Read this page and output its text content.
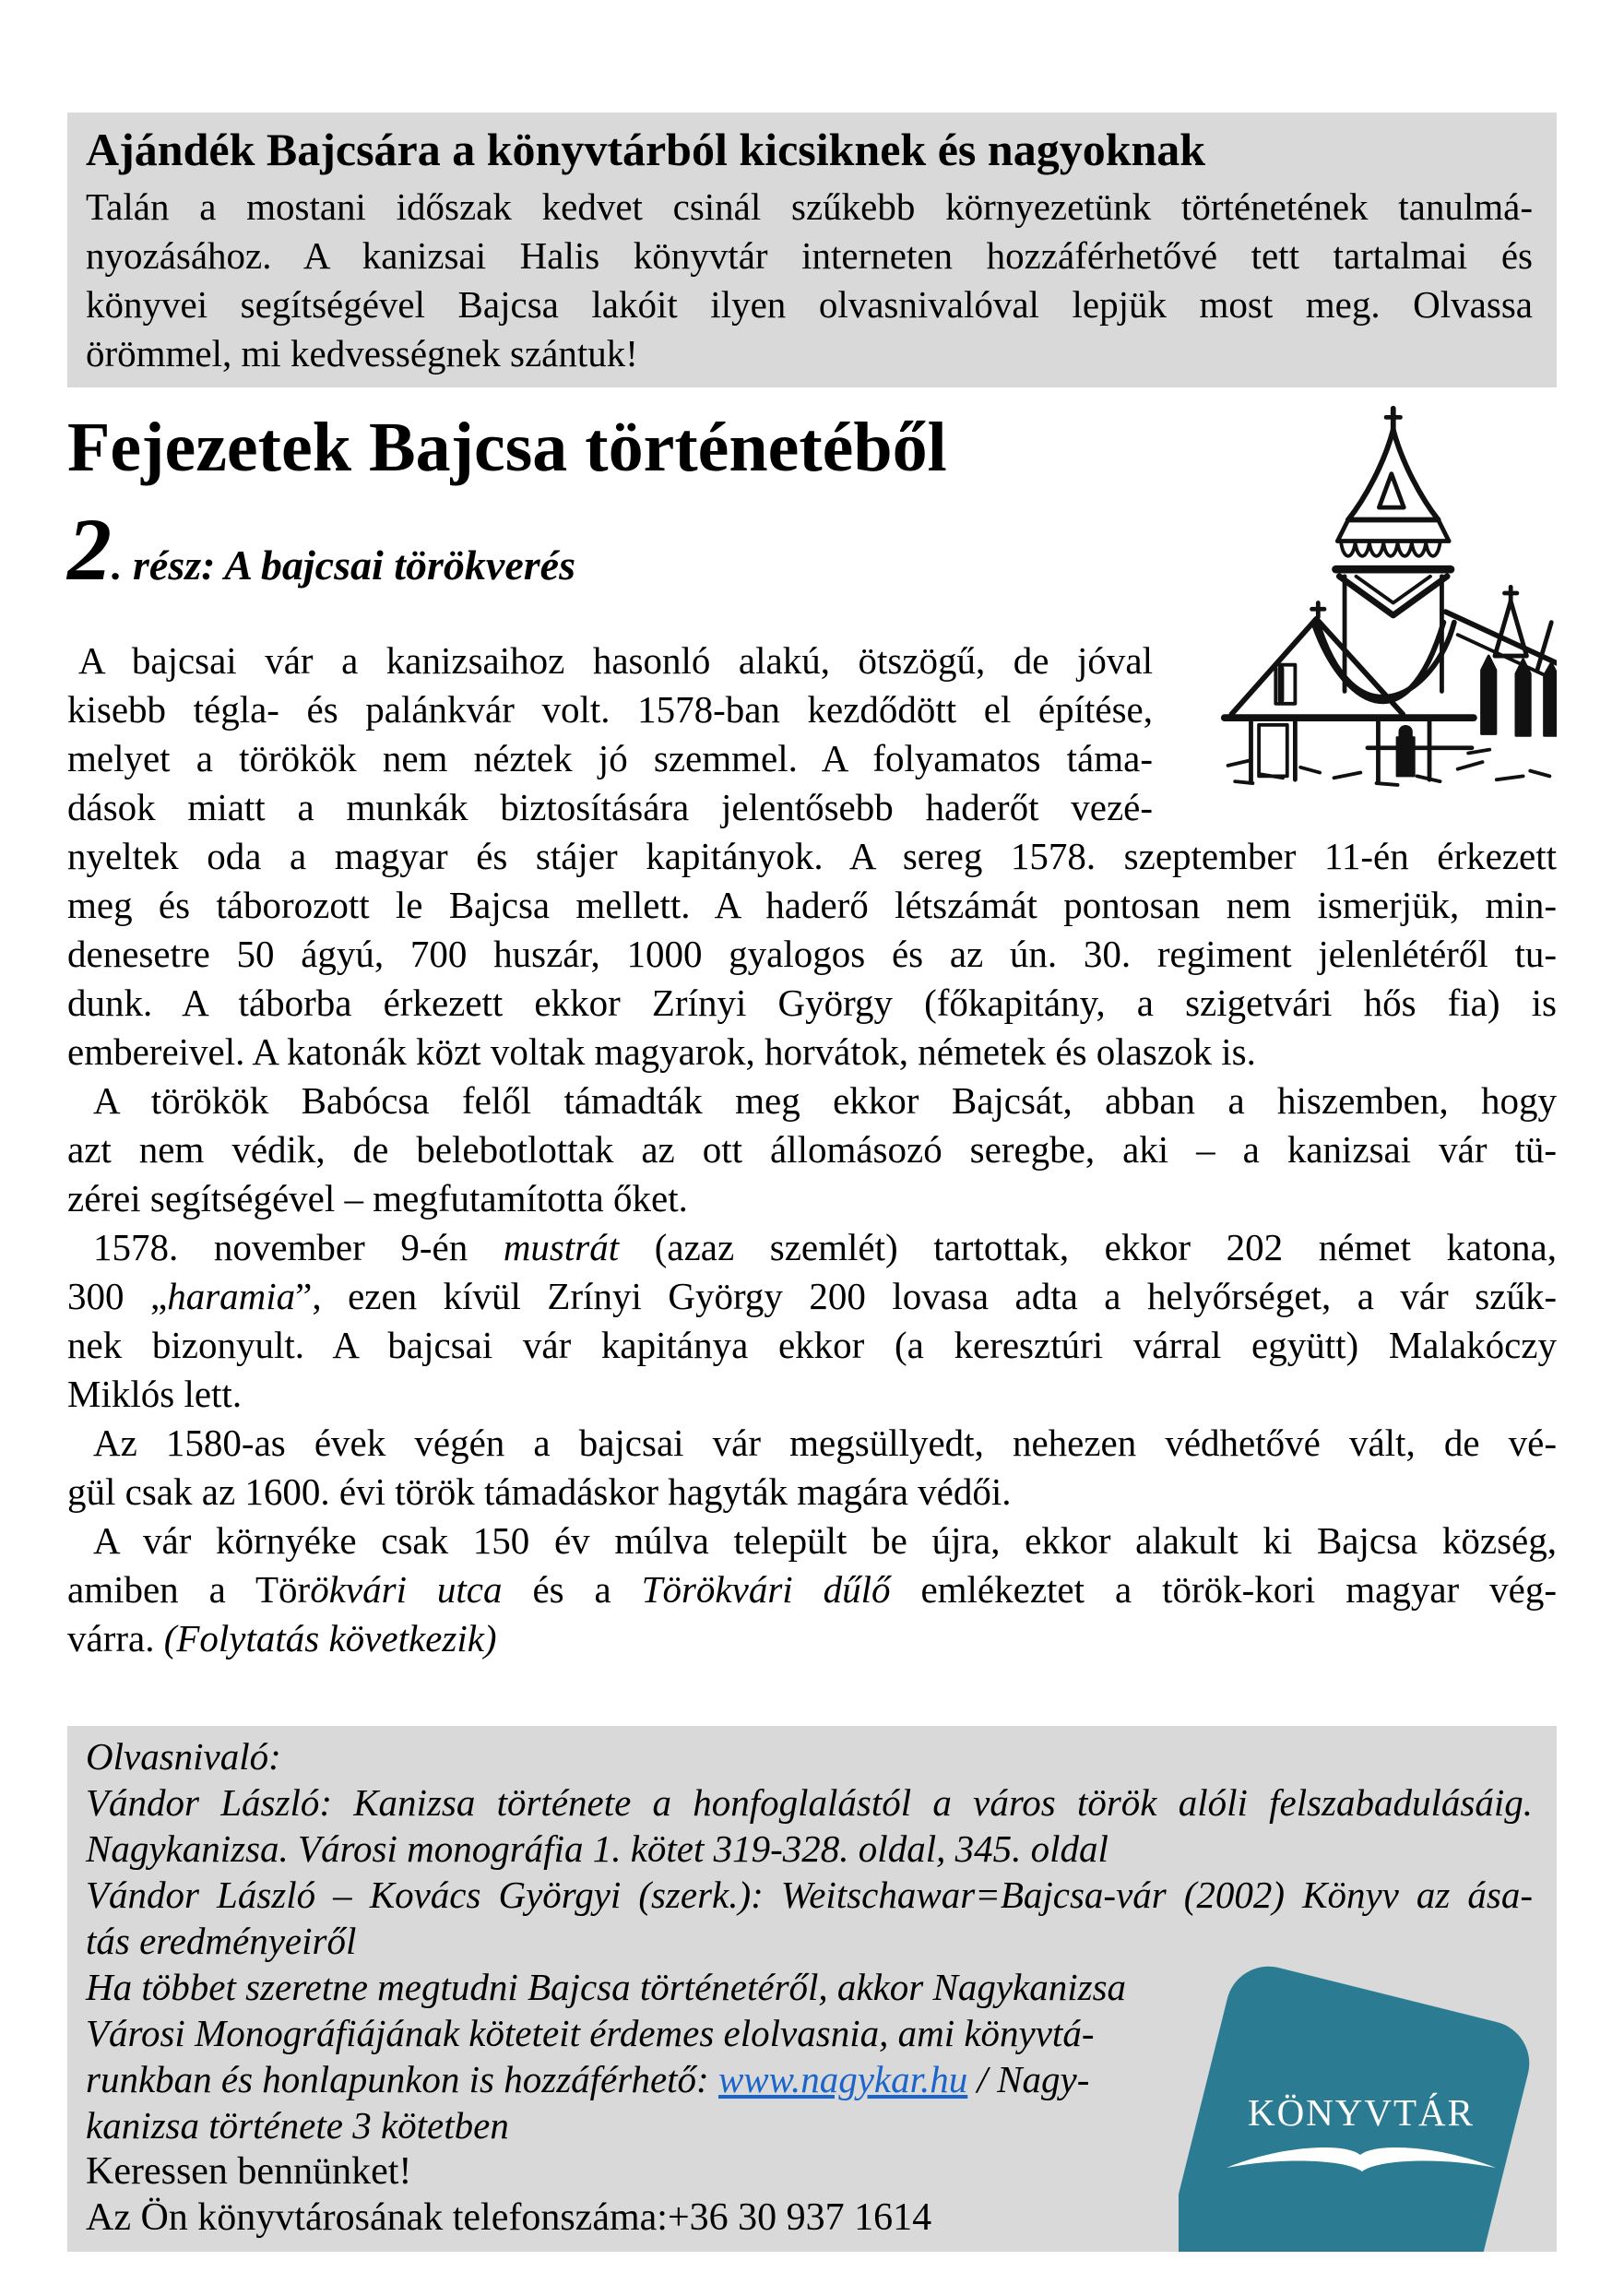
Ajándék Bajcsára a könyvtárból kicsiknek és nagyoknak
Talán a mostani időszak kedvet csinál szűkebb környezetünk történetének tanulmá-
nyozásához. A kanizsai Halis könyvtár interneten hozzáférhetővé tett tartalmai és
könyvei segítségével Bajcsa lakóit ilyen olvasnivalóval lepjük most meg. Olvassa
örömmel, mi kedvességnek szántuk!
Fejezetek Bajcsa történetéből
2. rész: A bajcsai törökverés
A bajcsai vár a kanizsaihoz hasonló alakú, ötszögű, de jóval
kisebb tégla- és palánkvár volt. 1578-ban kezdődött el építése,
melyet a törökök nem néztek jó szemmel. A folyamatos táma-
dások miatt a munkák biztosítására jelentősebb haderőt vezé-
nyeltek oda a magyar és stájer kapitányok. A sereg 1578. szeptember 11-én érkezett
meg és táborozott le Bajcsa mellett. A haderő létszámát pontosan nem ismerjük, min-
denesetre 50 ágyú, 700 huszár, 1000 gyalogos és az ún. 30. regiment jelenlétéről tu-
dunk. A táborba érkezett ekkor Zrínyi György (főkapitány, a szigetvári hős fia) is
embereivel. A katonák közt voltak magyarok, horvátok, németek és olaszok is.
A törökök Babócsa felől támadták meg ekkor Bajcsát, abban a hiszemben, hogy
azt nem védik, de belebotlottak az ott állomásozó seregbe, aki – a kanizsai vár tü-
zérei segítségével – megfutamította őket.
1578. november 9-én mustrát (azaz szemlét) tartottak, ekkor 202 német katona,
300 „haramia”, ezen kívül Zrínyi György 200 lovasa adta a helyőrséget, a vár szűk-
nek bizonyult. A bajcsai vár kapitánya ekkor (a keresztúri várral együtt) Malakóczy
Miklós lett.
Az 1580-as évek végén a bajcsai vár megsüllyedt, nehezen védhetővé vált, de vé-
gül csak az 1600. évi török támadáskor hagyták magára védői.
A vár környéke csak 150 év múlva települt be újra, ekkor alakult ki Bajcsa község,
amiben a Törökvári utca és a Törökvári dűlő emlékeztet a török-kori magyar vég-
várra. (Folytatás következik)
Olvasnivaló:
Vándor László: Kanizsa története a honfoglalástól a város török alóli felszabadulásáig.
Nagykanizsa. Városi monográfia 1. kötet 319-328. oldal, 345. oldal
Vándor László – Kovács Györgyi (szerk.): Weitschawar=Bajcsa-vár (2002) Könyv az ása-
tás eredményeiről
Ha többet szeretne megtudni Bajcsa történetéről, akkor Nagykanizsa
Városi Monográfiájának köteteit érdemes elolvasnia, ami könyvtá-
runkban és honlapunkon is hozzáférhető: www.nagykar.hu / Nagy-
kanizsa története 3 kötetben
Keressen bennünket!
Az Ön könyvtárosának telefonszáma:+36 30 937 1614
KÖNYVTÁR
